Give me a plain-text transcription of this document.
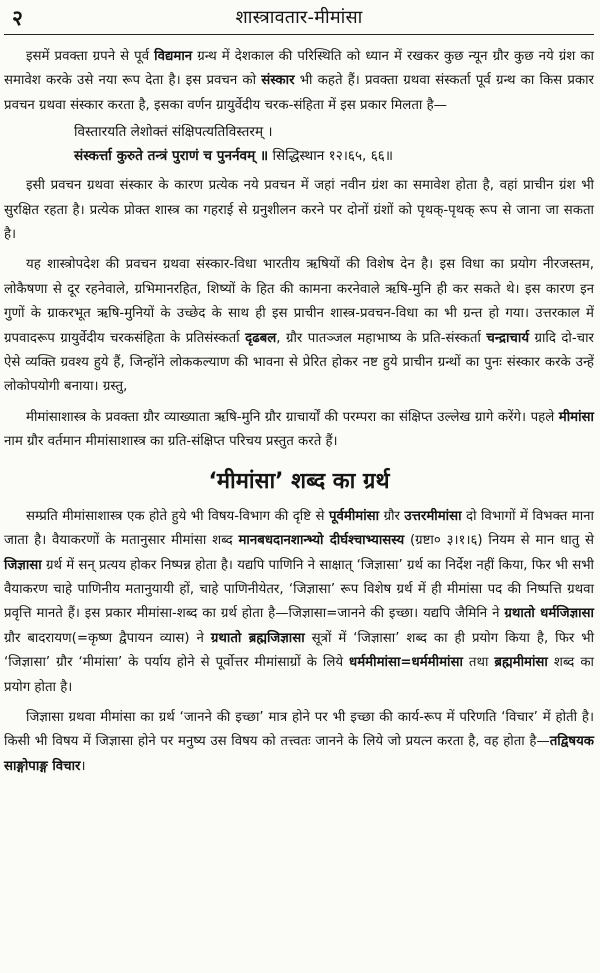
२	शास्त्रावतार-मीमांसा

इसमें प्रवक्ता ग्रपने से पूर्व विद्यमान ग्रन्थ में देशकाल की परिस्थिति को ध्यान में रखकर कुछ न्यून ग्रौर कुछ नये ग्रंश का समावेश करके उसे नया रूप देता है। इस प्रवचन को संस्कार भी कहते हैं। प्रवक्ता ग्रथवा संस्कर्ता पूर्व ग्रन्थ का किस प्रकार प्रवचन ग्रथवा संस्कार करता है, इसका वर्णन ग्रायुर्वेदीय चरक-संहिता में इस प्रकार मिलता है—

विस्तारयति लेशोक्तं संक्षिपत्यतिविस्तरम् ।
संस्कर्त्ता कुरुते तन्त्रं पुराणं च पुनर्नवम् ॥ सिद्धिस्थान १२।६५, ६६॥

इसी प्रवचन ग्रथवा संस्कार के कारण प्रत्येक नये प्रवचन में जहां नवीन ग्रंश का समावेश होता है, वहां प्राचीन ग्रंश भी सुरक्षित रहता है। प्रत्येक प्रोक्त शास्त्र का गहराई से ग्रनुशीलन करने पर दोनों ग्रंशों को पृथक्-पृथक् रूप से जाना जा सकता है।

यह शास्त्रोपदेश की प्रवचन ग्रथवा संस्कार-विधा भारतीय ऋषियों की विशेष देन है। इस विधा का प्रयोग नीरजस्तम, लोकैषणा से दूर रहनेवाले, ग्रभिमानरहित, शिष्यों के हित की कामना करनेवाले ऋषि-मुनि ही कर सकते थे। इस कारण इन गुणों के ग्राकरभूत ऋषि-मुनियों के उच्छेद के साथ ही इस प्राचीन शास्त्र-प्रवचन-विधा का भी ग्रन्त हो गया। उत्तरकाल में ग्रपवादरूप ग्रायुर्वेदीय चरकसंहिता के प्रतिसंस्कर्ता दृढबल, ग्रौर पातञ्जल महाभाष्य के प्रति-संस्कर्ता चन्द्राचार्य ग्रादि दो-चार ऐसे व्यक्ति ग्रवश्य हुये हैं, जिन्होंने लोककल्याण की भावना से प्रेरित होकर नष्ट हुये प्राचीन ग्रन्थों का पुनः संस्कार करके उन्हें लोकोपयोगी बनाया। ग्रस्तु,

मीमांसाशास्त्र के प्रवक्ता ग्रौर व्याख्याता ऋषि-मुनि ग्रौर ग्राचार्यों की परम्परा का संक्षिप्त उल्लेख ग्रागे करेंगे। पहले मीमांसा नाम ग्रौर वर्तमान मीमांसाशास्त्र का ग्रति-संक्षिप्त परिचय प्रस्तुत करते हैं।

‘मीमांसा’ शब्द का ग्रर्थ

सम्प्रति मीमांसाशास्त्र एक होते हुये भी विषय-विभाग की दृष्टि से पूर्वमीमांसा ग्रौर उत्तरमीमांसा दो विभागों में विभक्त माना जाता है। वैयाकरणों के मतानुसार मीमांसा शब्द मानबधदानशान्भ्यो दीर्घश्चाभ्यासस्य (ग्रष्टा० ३।१।६) नियम से मान धातु से जिज्ञासा ग्रर्थ में सन् प्रत्यय होकर निष्पन्न होता है। यद्यपि पाणिनि ने साक्षात् ‘जिज्ञासा’ ग्रर्थ का निर्देश नहीं किया, फिर भी सभी वैयाकरण चाहे पाणिनीय मतानुयायी हों, चाहे पाणिनीयेतर, ‘जिज्ञासा’ रूप विशेष ग्रर्थ में ही मीमांसा पद की निष्पत्ति ग्रथवा प्रवृत्ति मानते हैं। इस प्रकार मीमांसा-शब्द का ग्रर्थ होता है—जिज्ञासा=जानने की इच्छा। यद्यपि जैमिनि ने ग्रथातो धर्मजिज्ञासा ग्रौर बादरायण(=कृष्ण द्वैपायन व्यास) ने ग्रथातो ब्रह्मजिज्ञासा सूत्रों में ‘जिज्ञासा’ शब्द का ही प्रयोग किया है, फिर भी ‘जिज्ञासा’ ग्रौर ‘मीमांसा’ के पर्याय होने से पूर्वोत्तर मीमांसाग्रों के लिये धर्ममीमांसा=धर्ममीमांसा तथा ब्रह्ममीमांसा शब्द का प्रयोग होता है।

जिज्ञासा ग्रथवा मीमांसा का ग्रर्थ ‘जानने की इच्छा’ मात्र होने पर भी इच्छा की कार्य-रूप में परिणति ‘विचार’ में होती है। किसी भी विषय में जिज्ञासा होने पर मनुष्य उस विषय को तत्त्वतः जानने के लिये जो प्रयत्न करता है, वह होता है—तद्विषयक साङ्गोपाङ्ग विचार।
